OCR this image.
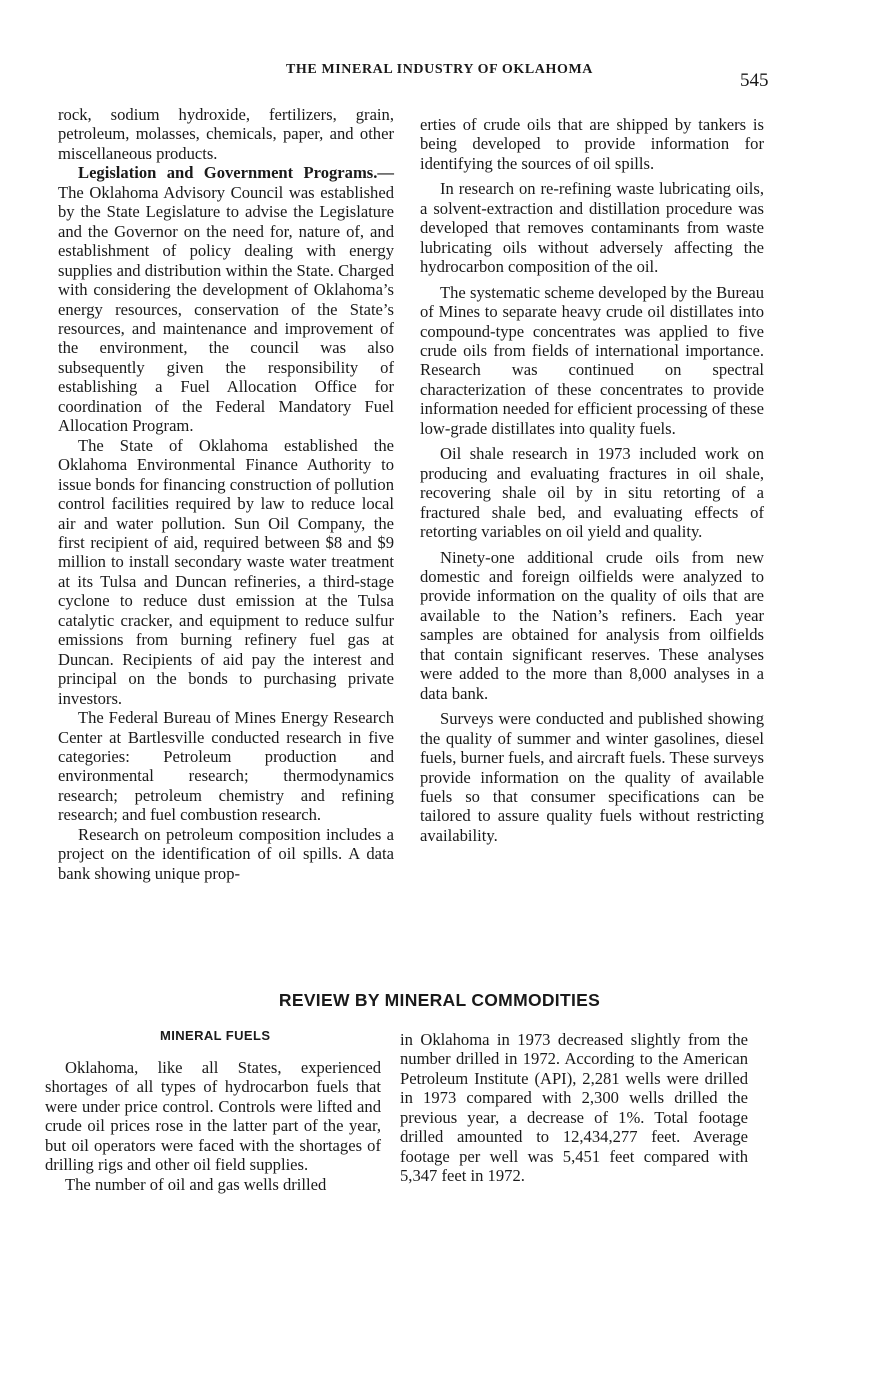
THE MINERAL INDUSTRY OF OKLAHOMA
545

rock, sodium hydroxide, fertilizers, grain, petroleum, molasses, chemicals, paper, and other miscellaneous products.

Legislation and Government Programs.—The Oklahoma Advisory Council was established by the State Legislature to advise the Legislature and the Governor on the need for, nature of, and establishment of policy dealing with energy supplies and distribution within the State. Charged with considering the development of Oklahoma’s energy resources, conservation of the State’s resources, and maintenance and improvement of the environment, the council was also subsequently given the responsibility of establishing a Fuel Allocation Office for coordination of the Federal Mandatory Fuel Allocation Program.

The State of Oklahoma established the Oklahoma Environmental Finance Authority to issue bonds for financing construction of pollution control facilities required by law to reduce local air and water pollution. Sun Oil Company, the first recipient of aid, required between $8 and $9 million to install secondary waste water treatment at its Tulsa and Duncan refineries, a third-stage cyclone to reduce dust emission at the Tulsa catalytic cracker, and equipment to reduce sulfur emissions from burning refinery fuel gas at Duncan. Recipients of aid pay the interest and principal on the bonds to purchasing private investors.

The Federal Bureau of Mines Energy Research Center at Bartlesville conducted research in five categories: Petroleum production and environmental research; thermodynamics research; petroleum chemistry and refining research; and fuel combustion research.

Research on petroleum composition includes a project on the identification of oil spills. A data bank showing unique prop-

erties of crude oils that are shipped by tankers is being developed to provide information for identifying the sources of oil spills.

In research on re-refining waste lubricating oils, a solvent-extraction and distillation procedure was developed that removes contaminants from waste lubricating oils without adversely affecting the hydrocarbon composition of the oil.

The systematic scheme developed by the Bureau of Mines to separate heavy crude oil distillates into compound-type concentrates was applied to five crude oils from fields of international importance. Research was continued on spectral characterization of these concentrates to provide information needed for efficient processing of these low-grade distillates into quality fuels.

Oil shale research in 1973 included work on producing and evaluating fractures in oil shale, recovering shale oil by in situ retorting of a fractured shale bed, and evaluating effects of retorting variables on oil yield and quality.

Ninety-one additional crude oils from new domestic and foreign oilfields were analyzed to provide information on the quality of oils that are available to the Nation’s refiners. Each year samples are obtained for analysis from oilfields that contain significant reserves. These analyses were added to the more than 8,000 analyses in a data bank.

Surveys were conducted and published showing the quality of summer and winter gasolines, diesel fuels, burner fuels, and aircraft fuels. These surveys provide information on the quality of available fuels so that consumer specifications can be tailored to assure quality fuels without restricting availability.

REVIEW BY MINERAL COMMODITIES
MINERAL FUELS

Oklahoma, like all States, experienced shortages of all types of hydrocarbon fuels that were under price control. Controls were lifted and crude oil prices rose in the latter part of the year, but oil operators were faced with the shortages of drilling rigs and other oil field supplies.

The number of oil and gas wells drilled

in Oklahoma in 1973 decreased slightly from the number drilled in 1972. According to the American Petroleum Institute (API), 2,281 wells were drilled in 1973 compared with 2,300 wells drilled the previous year, a decrease of 1%. Total footage drilled amounted to 12,434,277 feet. Average footage per well was 5,451 feet compared with 5,347 feet in 1972.
